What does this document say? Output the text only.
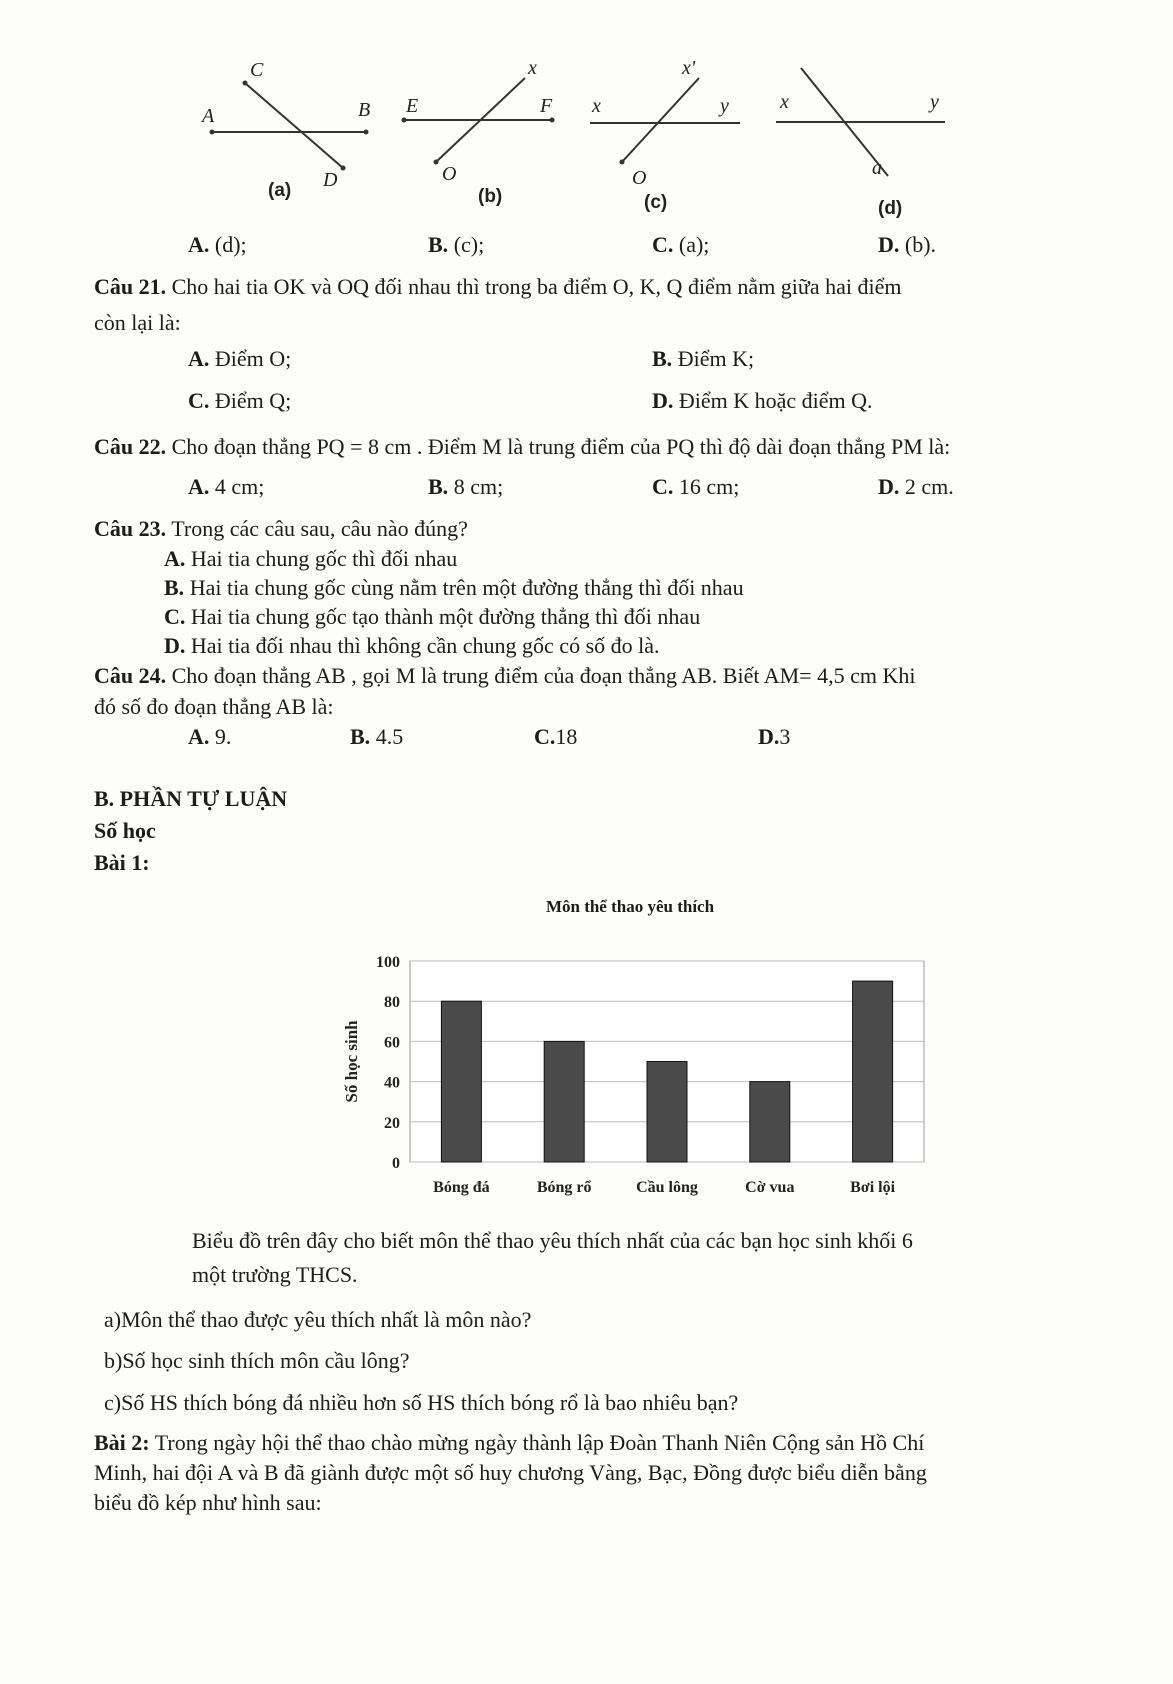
A	B
C
D
(a)
E	F
x
O
(b)
x	y
x'
O
(c)
x	y
a
(d)
A. (d);	B. (c);	C. (a);	D. (b).
Câu 21. Cho hai tia OK và OQ đối nhau thì trong ba điểm O, K, Q điểm nằm giữa hai điểm
còn lại là:
A. Điểm O;	B. Điểm K;
C. Điểm Q;	D. Điểm K hoặc điểm Q.
Câu 22. Cho đoạn thẳng PQ = 8 cm . Điểm M là trung điểm của PQ thì độ dài đoạn thẳng PM là:
A. 4 cm;	B. 8 cm;	C. 16 cm;	D. 2 cm.
Câu 23. Trong các câu sau, câu nào đúng?
A. Hai tia chung gốc thì đối nhau
B. Hai tia chung gốc cùng nằm trên một đường thẳng thì đối nhau
C. Hai tia chung gốc tạo thành một đường thẳng thì đối nhau
D. Hai tia đối nhau thì không cần chung gốc có số đo là.
Câu 24. Cho đoạn thẳng AB , gọi M là trung điểm của đoạn thẳng AB. Biết AM= 4,5 cm Khi
đó số đo đoạn thẳng AB là:
A. 9.	B. 4.5	C.18	D.3
B. PHẦN TỰ LUẬN
Số học
Bài 1:
Môn thể thao yêu thích
0
20
40
60
80
100
Bóng đá	Bóng rổ	Cầu lông	Cờ vua	Bơi lội
Số học sinh
Biểu đồ trên đây cho biết môn thể thao yêu thích nhất của các bạn học sinh khối 6
một trường THCS.
a)Môn thể thao được yêu thích nhất là môn nào?
b)Số học sinh thích môn cầu lông?
c)Số HS thích bóng đá nhiều hơn số HS thích bóng rổ là bao nhiêu bạn?
Bài 2: Trong ngày hội thể thao chào mừng ngày thành lập Đoàn Thanh Niên Cộng sản Hồ Chí
Minh, hai đội A và B đã giành được một số huy chương Vàng, Bạc, Đồng được biểu diễn bằng
biểu đồ kép như hình sau:
